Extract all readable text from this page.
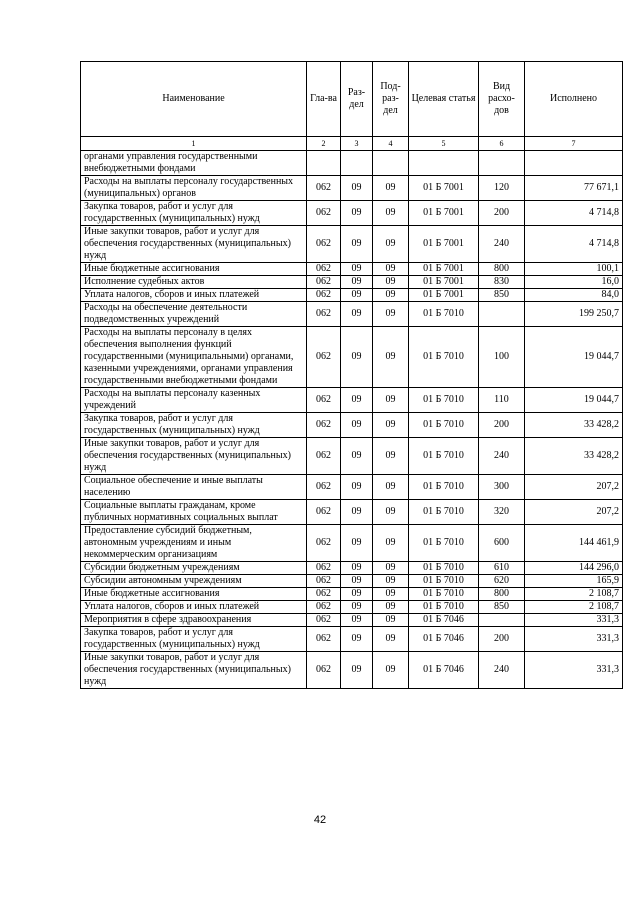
Наименование	Гла-ва	Раз-дел	Под-раз-дел	Целевая статья	Вид расхо-дов	Исполнено
1	2	3	4	5	6	7
органами управления государственными внебюджетными фондами						
Расходы на выплаты персоналу государственных (муниципальных) органов	062	09	09	01 Б 7001	120	77 671,1
Закупка товаров, работ и услуг для государственных (муниципальных) нужд	062	09	09	01 Б 7001	200	4 714,8
Иные закупки товаров, работ и услуг для обеспечения государственных (муниципальных) нужд	062	09	09	01 Б 7001	240	4 714,8
Иные бюджетные ассигнования	062	09	09	01 Б 7001	800	100,1
Исполнение судебных актов	062	09	09	01 Б 7001	830	16,0
Уплата налогов, сборов и иных платежей	062	09	09	01 Б 7001	850	84,0
Расходы на обеспечение деятельности подведомственных учреждений	062	09	09	01 Б 7010		199 250,7
Расходы на выплаты персоналу в целях обеспечения выполнения функций государственными (муниципальными) органами, казенными учреждениями, органами управления государственными внебюджетными фондами	062	09	09	01 Б 7010	100	19 044,7
Расходы на выплаты персоналу казенных учреждений	062	09	09	01 Б 7010	110	19 044,7
Закупка товаров, работ и услуг для государственных (муниципальных) нужд	062	09	09	01 Б 7010	200	33 428,2
Иные закупки товаров, работ и услуг для обеспечения государственных (муниципальных) нужд	062	09	09	01 Б 7010	240	33 428,2
Социальное обеспечение и иные выплаты населению	062	09	09	01 Б 7010	300	207,2
Социальные выплаты гражданам, кроме публичных нормативных социальных выплат	062	09	09	01 Б 7010	320	207,2
Предоставление субсидий бюджетным, автономным учреждениям и иным некоммерческим организациям	062	09	09	01 Б 7010	600	144 461,9
Субсидии бюджетным учреждениям	062	09	09	01 Б 7010	610	144 296,0
Субсидии автономным учреждениям	062	09	09	01 Б 7010	620	165,9
Иные бюджетные ассигнования	062	09	09	01 Б 7010	800	2 108,7
Уплата налогов, сборов и иных платежей	062	09	09	01 Б 7010	850	2 108,7
Мероприятия в сфере здравоохранения	062	09	09	01 Б 7046		331,3
Закупка товаров, работ и услуг для государственных (муниципальных) нужд	062	09	09	01 Б 7046	200	331,3
Иные закупки товаров, работ и услуг для обеспечения государственных (муниципальных) нужд	062	09	09	01 Б 7046	240	331,3
42
